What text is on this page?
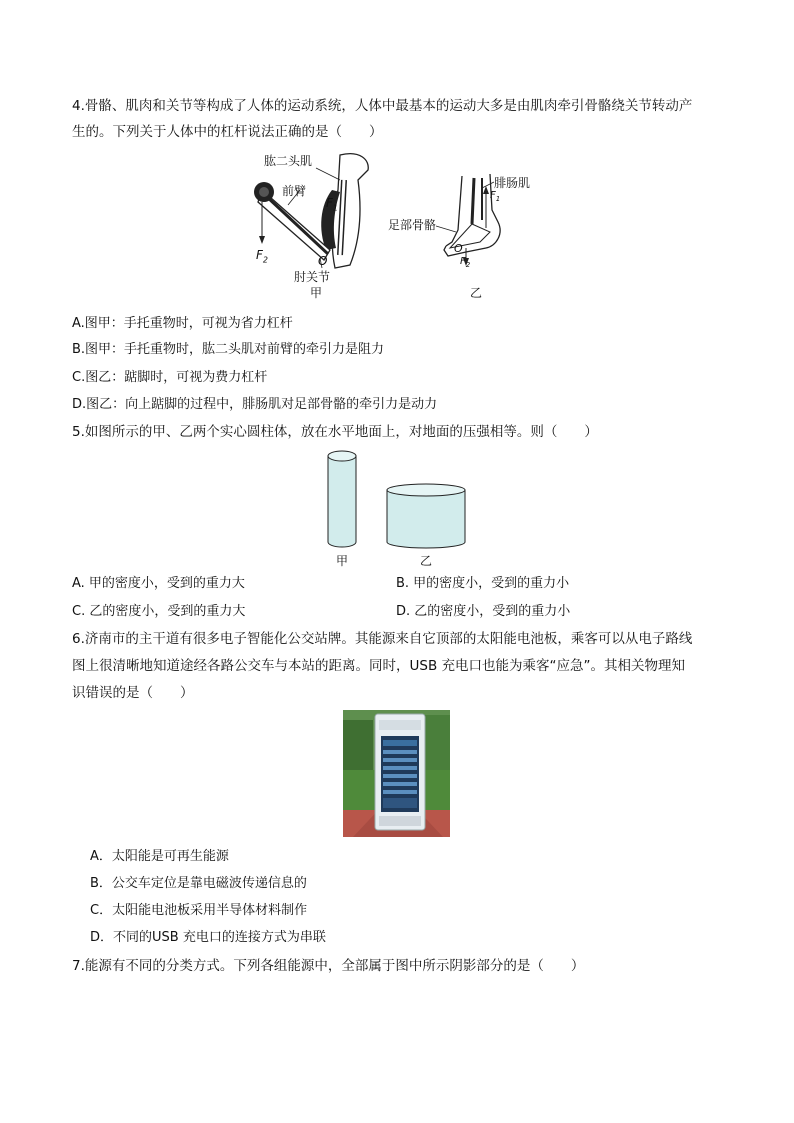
4.骨骼、肌肉和关节等构成了人体的运动系统，人体中最基本的运动大多是由肌肉牵引骨骼绕关节转动产
生的。下列关于人体中的杠杆说法正确的是（　　）
肱二头肌
前臂
$F_1$
$F_2$	O
肘关节
甲
腓肠肌
$F_1$
足部骨骼
O
$F_2$
乙
A.图甲：手托重物时，可视为省力杠杆
B.图甲：手托重物时，肱二头肌对前臂的牵引力是阻力
C.图乙：踮脚时，可视为费力杠杆
D.图乙：向上踮脚的过程中，腓肠肌对足部骨骼的牵引力是动力
5.如图所示的甲、乙两个实心圆柱体，放在水平地面上，对地面的压强相等。则（　　）
甲	乙
A. 甲的密度小，受到的重力大	B. 甲的密度小，受到的重力小
C. 乙的密度小，受到的重力大	D. 乙的密度小，受到的重力小
6.济南市的主干道有很多电子智能化公交站牌。其能源来自它顶部的太阳能电池板，乘客可以从电子路线
图上很清晰地知道途经各路公交车与本站的距离。同时，USB 充电口也能为乘客“应急”。其相关物理知
识错误的是（　　）
A．太阳能是可再生能源
B．公交车定位是靠电磁波传递信息的
C．太阳能电池板采用半导体材料制作
D．不同的USB 充电口的连接方式为串联
7.能源有不同的分类方式。下列各组能源中，全部属于图中所示阴影部分的是（　　）
